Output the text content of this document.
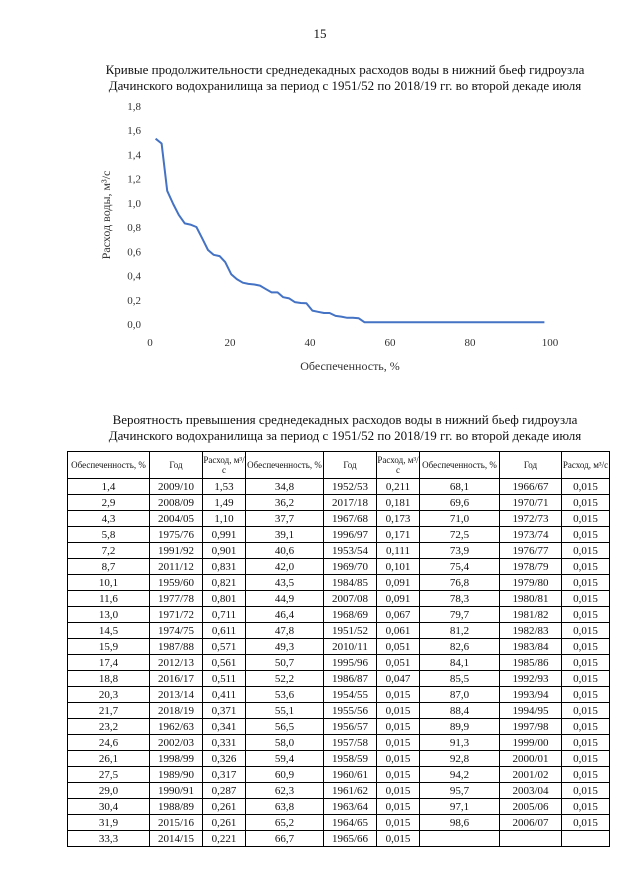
15
Кривые продолжительности среднедекадных расходов воды в нижний бьеф гидроузла
Дачинского водохранилища за период с 1951/52 по 2018/19 гг. во второй декаде июля
0,0
0,2
0,4
0,6
0,8
1,0
1,2
1,4
1,6
1,8
0	20	40	60	80	100
Обеспеченность, %
Расход воды, м³/с
Вероятность превышения среднедекадных расходов воды в нижний бьеф гидроузла
Дачинского водохранилища за период с 1951/52 по 2018/19 гг. во второй декаде июля
Обеспеченность, %	Год	Расход, м³/с	Обеспеченность, %	Год	Расход, м³/с	Обеспеченность, %	Год	Расход, м³/с
1,4	2009/10	1,53	34,8	1952/53	0,211	68,1	1966/67	0,015
2,9	2008/09	1,49	36,2	2017/18	0,181	69,6	1970/71	0,015
4,3	2004/05	1,10	37,7	1967/68	0,173	71,0	1972/73	0,015
5,8	1975/76	0,991	39,1	1996/97	0,171	72,5	1973/74	0,015
7,2	1991/92	0,901	40,6	1953/54	0,111	73,9	1976/77	0,015
8,7	2011/12	0,831	42,0	1969/70	0,101	75,4	1978/79	0,015
10,1	1959/60	0,821	43,5	1984/85	0,091	76,8	1979/80	0,015
11,6	1977/78	0,801	44,9	2007/08	0,091	78,3	1980/81	0,015
13,0	1971/72	0,711	46,4	1968/69	0,067	79,7	1981/82	0,015
14,5	1974/75	0,611	47,8	1951/52	0,061	81,2	1982/83	0,015
15,9	1987/88	0,571	49,3	2010/11	0,051	82,6	1983/84	0,015
17,4	2012/13	0,561	50,7	1995/96	0,051	84,1	1985/86	0,015
18,8	2016/17	0,511	52,2	1986/87	0,047	85,5	1992/93	0,015
20,3	2013/14	0,411	53,6	1954/55	0,015	87,0	1993/94	0,015
21,7	2018/19	0,371	55,1	1955/56	0,015	88,4	1994/95	0,015
23,2	1962/63	0,341	56,5	1956/57	0,015	89,9	1997/98	0,015
24,6	2002/03	0,331	58,0	1957/58	0,015	91,3	1999/00	0,015
26,1	1998/99	0,326	59,4	1958/59	0,015	92,8	2000/01	0,015
27,5	1989/90	0,317	60,9	1960/61	0,015	94,2	2001/02	0,015
29,0	1990/91	0,287	62,3	1961/62	0,015	95,7	2003/04	0,015
30,4	1988/89	0,261	63,8	1963/64	0,015	97,1	2005/06	0,015
31,9	2015/16	0,261	65,2	1964/65	0,015	98,6	2006/07	0,015
33,3	2014/15	0,221	66,7	1965/66	0,015			
